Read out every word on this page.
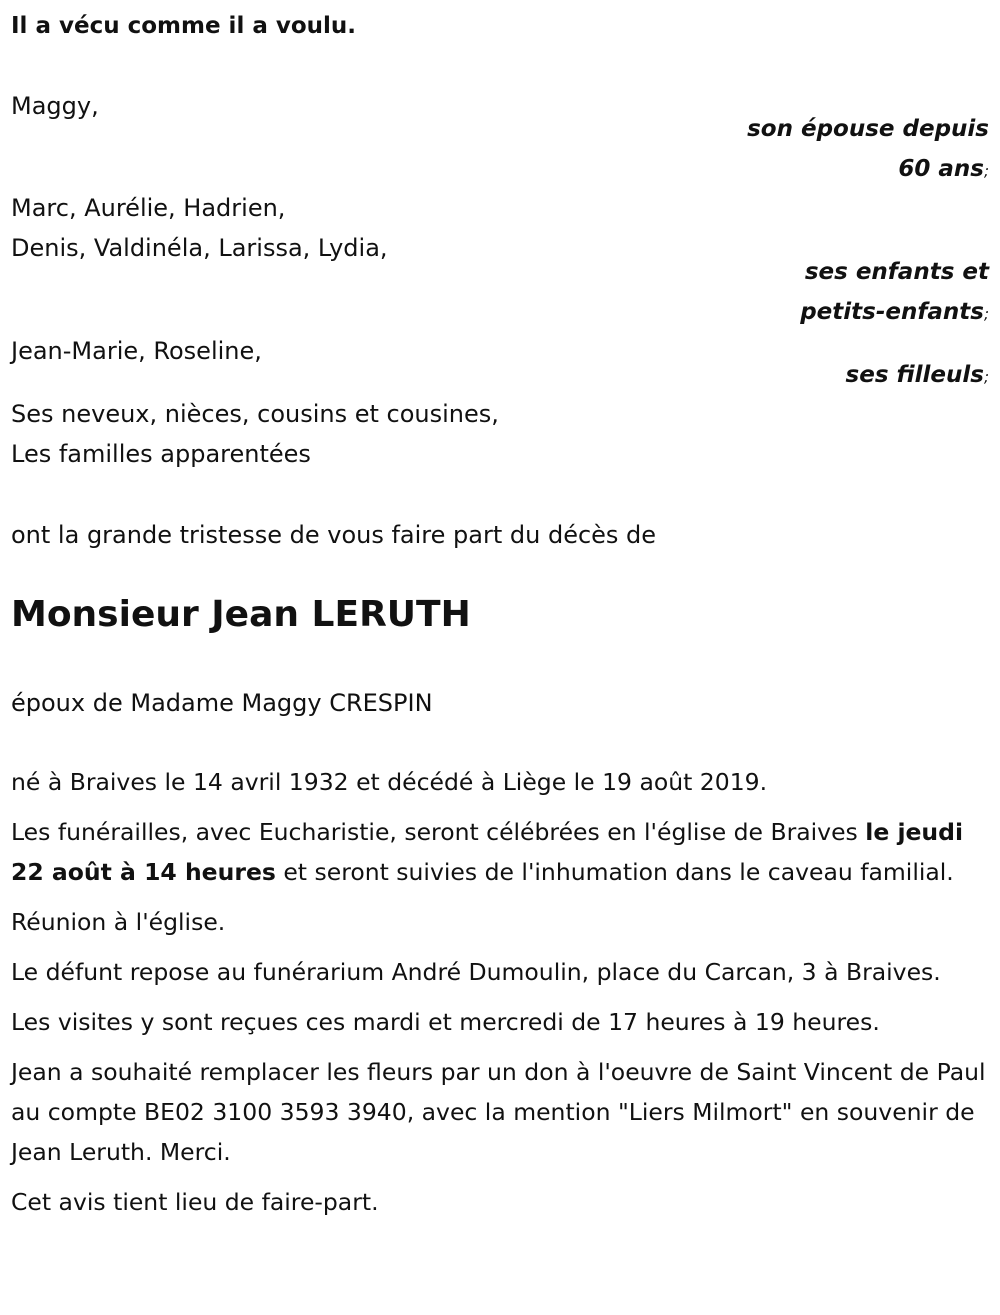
Il a vécu comme il a voulu.
Maggy,
son épouse depuis
60 ans;
Marc, Aurélie, Hadrien,
Denis, Valdinéla, Larissa, Lydia,
ses enfants et
petits-enfants;
Jean-Marie, Roseline,
ses filleuls;
Ses neveux, nièces, cousins et cousines,
Les familles apparentées
ont la grande tristesse de vous faire part du décès de
Monsieur Jean LERUTH
époux de Madame Maggy CRESPIN

né à Braives le 14 avril 1932 et décédé à Liège le 19 août 2019.

Les funérailles, avec Eucharistie, seront célébrées en l'église de Braives le jeudi 22 août à 14 heures et seront suivies de l'inhumation dans le caveau familial.

Réunion à l'église.

Le défunt repose au funérarium André Dumoulin, place du Carcan, 3 à Braives.

Les visites y sont reçues ces mardi et mercredi de 17 heures à 19 heures.

Jean a souhaité remplacer les fleurs par un don à l'oeuvre de Saint Vincent de Paul au compte BE02 3100 3593 3940, avec la mention "Liers Milmort" en souvenir de Jean Leruth. Merci.

Cet avis tient lieu de faire-part.
